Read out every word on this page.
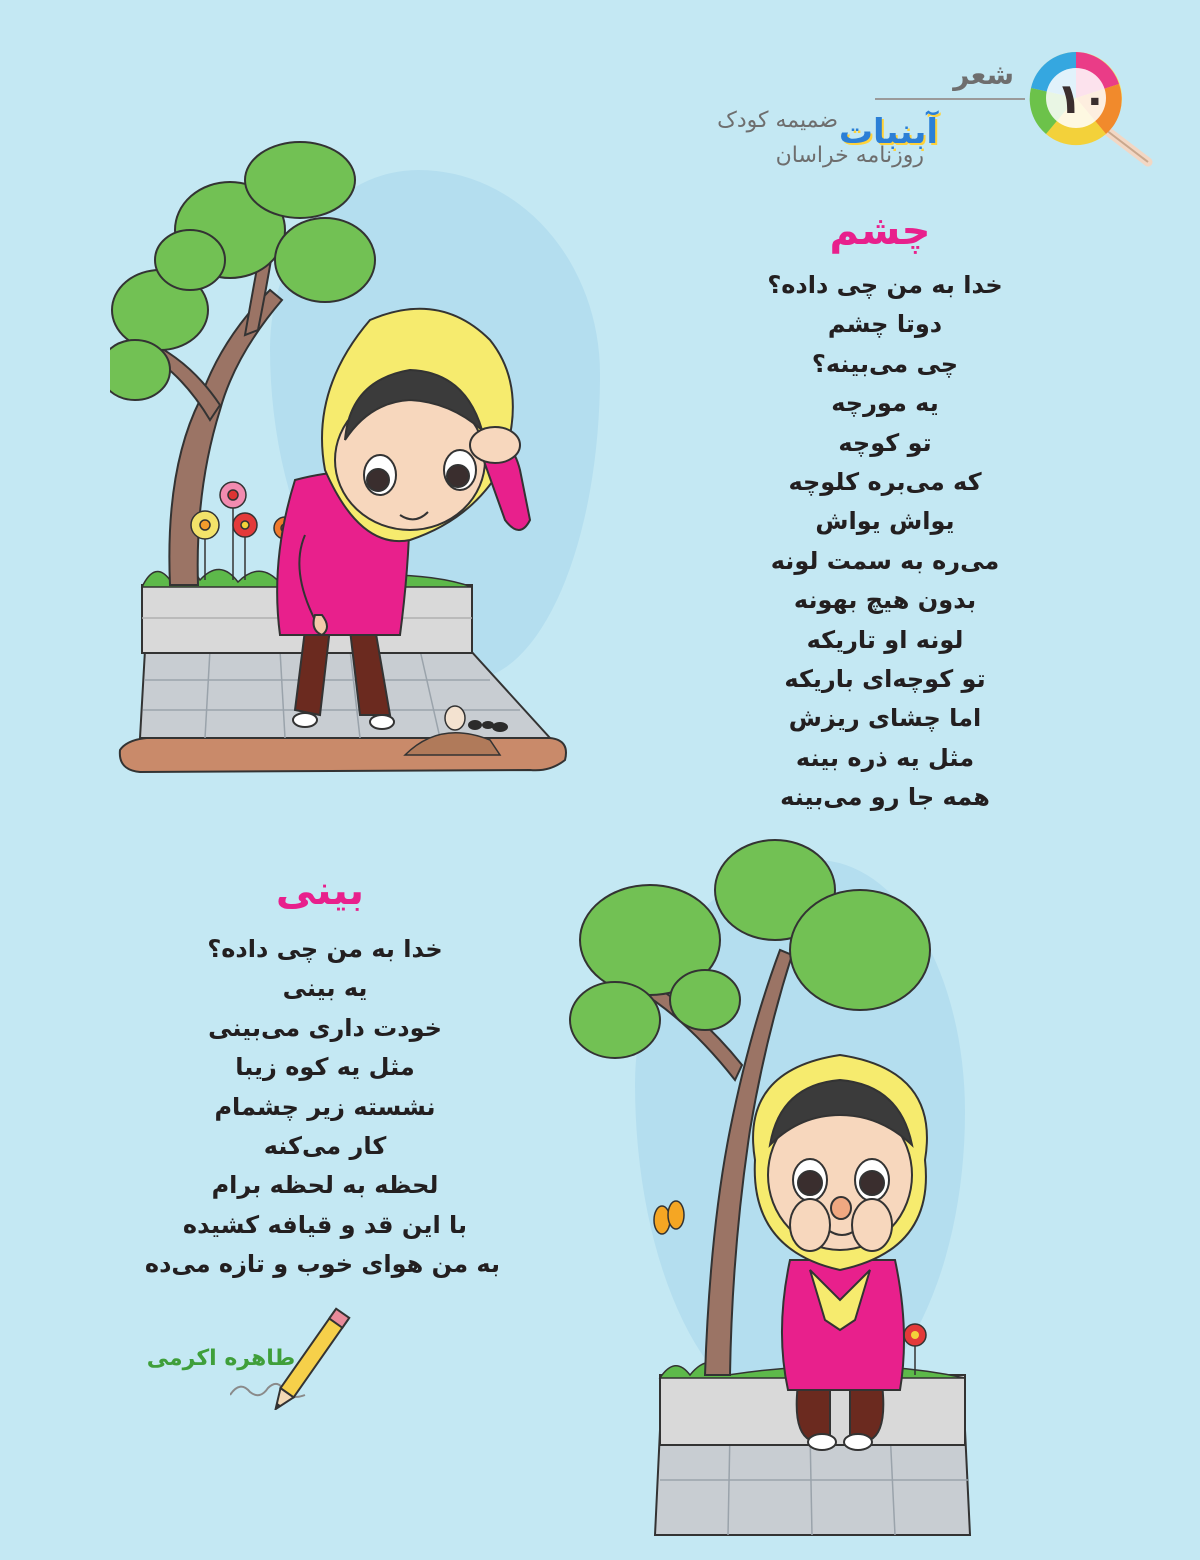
شعر
آبنبات
ضمیمه کودک
روزنامه خراسان
۱۰
چشم
خدا به من چی داده؟
دوتا چشم
چی می‌بینه؟
یه مورچه
تو کوچه
که می‌بره کلوچه
یواش یواش
می‌ره به سمت لونه
بدون هیچ بهونه
لونه او تاریکه
تو کوچه‌ای باریکه
اما چشای ریزش
مثل یه ذره بینه
همه جا رو می‌بینه
بینی
خدا به من چی داده؟
یه بینی
خودت داری می‌بینی
مثل یه کوه زیبا
نشسته زیر چشمام
کار می‌کنه
لحظه به لحظه برام
با این قد و قیافه کشیده
به من هوای خوب و تازه می‌ده
طاهره اکرمی
